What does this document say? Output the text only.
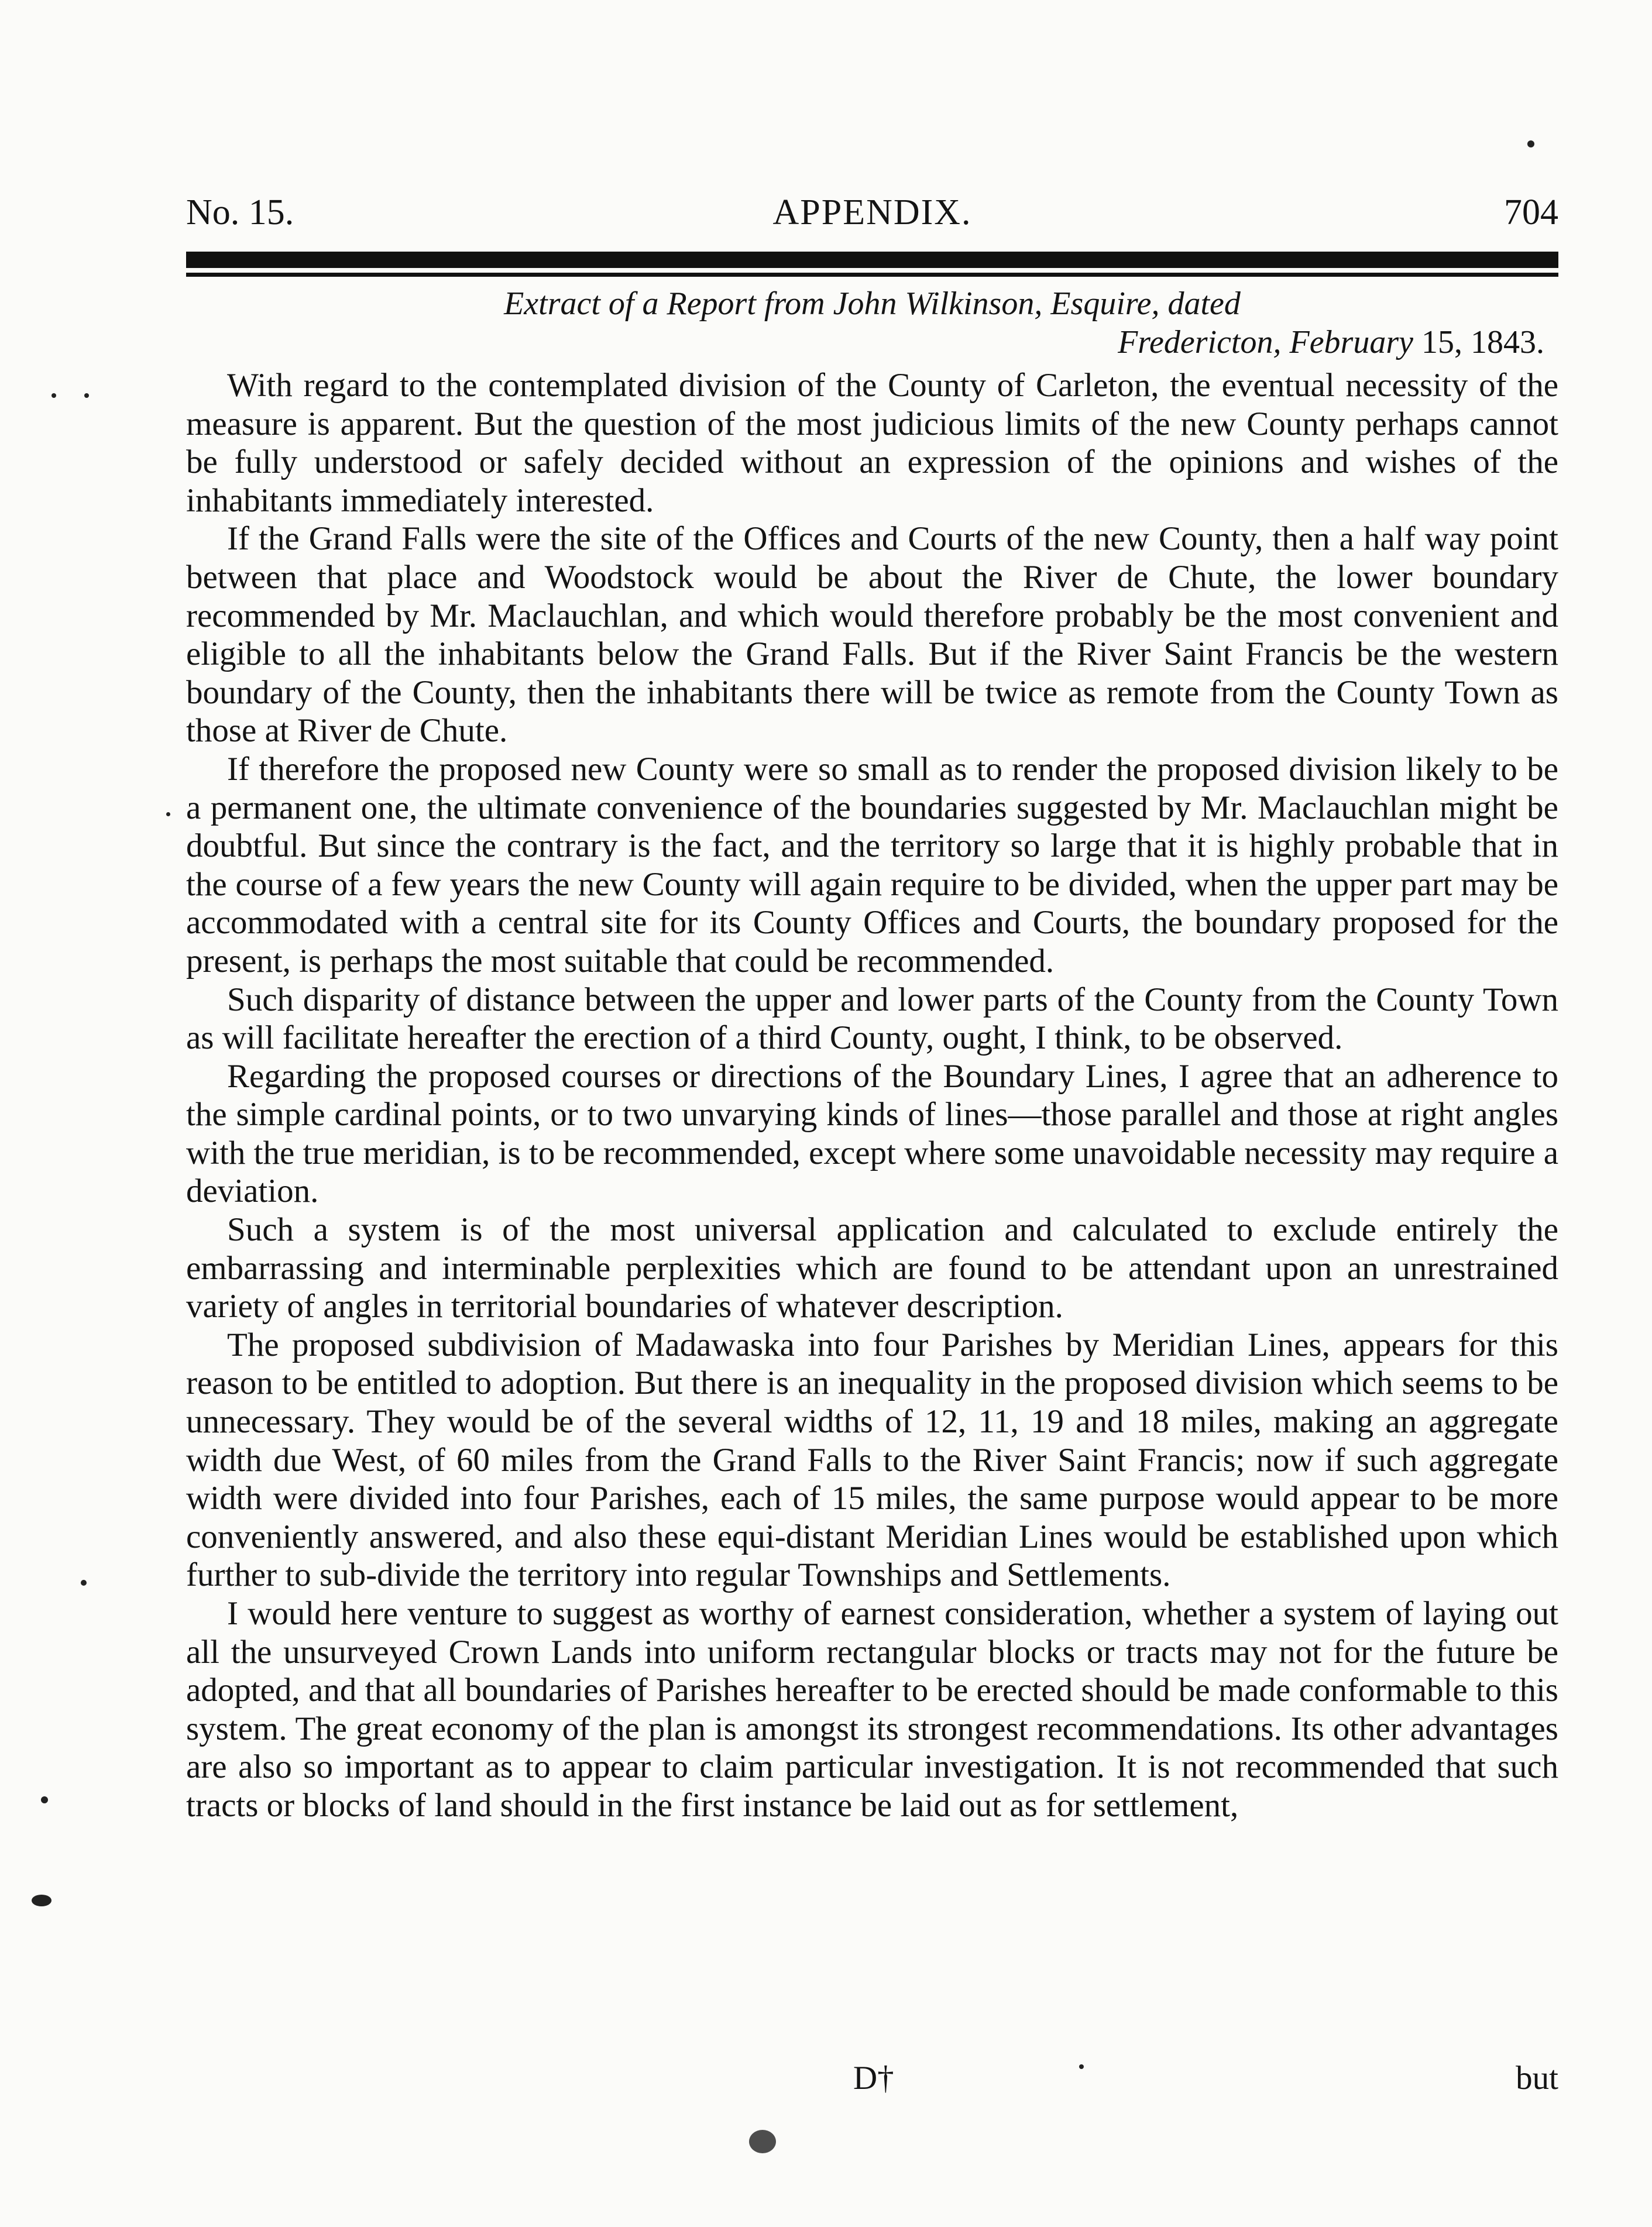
No. 15.	APPENDIX.	704
Extract of a Report from John Wilkinson, Esquire, dated
Fredericton, February 15, 1843.

With regard to the contemplated division of the County of Carleton, the eventual necessity of the measure is apparent. But the question of the most judicious limits of the new County perhaps cannot be fully understood or safely decided without an expression of the opinions and wishes of the inhabitants immediately interested.

If the Grand Falls were the site of the Offices and Courts of the new County, then a half way point between that place and Woodstock would be about the River de Chute, the lower boundary recommended by Mr. Maclauchlan, and which would therefore probably be the most convenient and eligible to all the inhabitants below the Grand Falls. But if the River Saint Francis be the western boundary of the County, then the inhabitants there will be twice as remote from the County Town as those at River de Chute.

If therefore the proposed new County were so small as to render the proposed division likely to be a permanent one, the ultimate convenience of the boundaries suggested by Mr. Maclauchlan might be doubtful. But since the contrary is the fact, and the territory so large that it is highly probable that in the course of a few years the new County will again require to be divided, when the upper part may be accommodated with a central site for its County Offices and Courts, the boundary proposed for the present, is perhaps the most suitable that could be recommended.

Such disparity of distance between the upper and lower parts of the County from the County Town as will facilitate hereafter the erection of a third County, ought, I think, to be observed.

Regarding the proposed courses or directions of the Boundary Lines, I agree that an adherence to the simple cardinal points, or to two unvarying kinds of lines—those parallel and those at right angles with the true meridian, is to be recommended, except where some unavoidable necessity may require a deviation.

Such a system is of the most universal application and calculated to exclude entirely the embarrassing and interminable perplexities which are found to be attendant upon an unrestrained variety of angles in territorial boundaries of whatever description.

The proposed subdivision of Madawaska into four Parishes by Meridian Lines, appears for this reason to be entitled to adoption. But there is an inequality in the proposed division which seems to be unnecessary. They would be of the several widths of 12, 11, 19 and 18 miles, making an aggregate width due West, of 60 miles from the Grand Falls to the River Saint Francis; now if such aggregate width were divided into four Parishes, each of 15 miles, the same purpose would appear to be more conveniently answered, and also these equi-distant Meridian Lines would be established upon which further to sub-divide the territory into regular Townships and Settlements.

I would here venture to suggest as worthy of earnest consideration, whether a system of laying out all the unsurveyed Crown Lands into uniform rectangular blocks or tracts may not for the future be adopted, and that all boundaries of Parishes hereafter to be erected should be made conformable to this system. The great economy of the plan is amongst its strongest recommendations. Its other advantages are also so important as to appear to claim particular investigation. It is not recommended that such tracts or blocks of land should in the first instance be laid out as for settlement,

D†	but
